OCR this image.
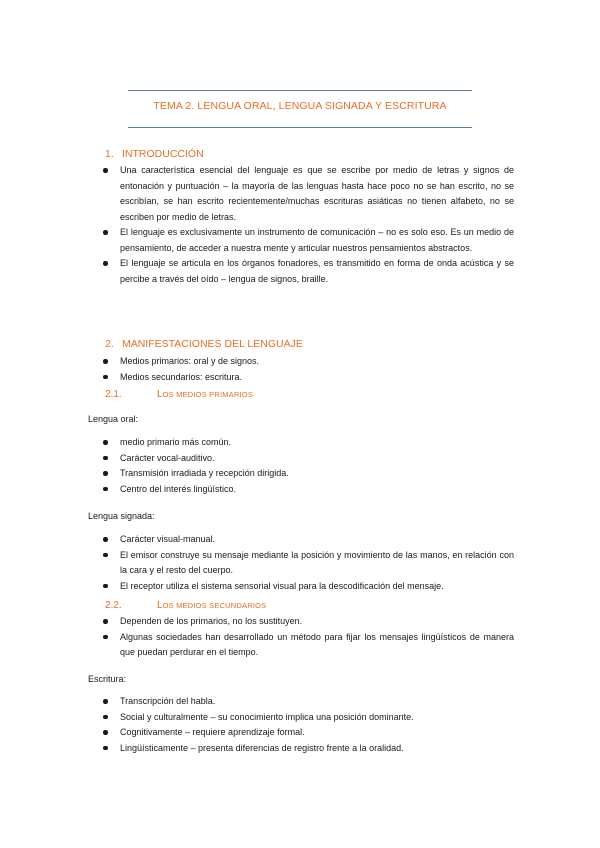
TEMA 2. LENGUA ORAL, LENGUA SIGNADA Y ESCRITURA
1. INTRODUCCIÓN
Una característica esencial del lenguaje es que se escribe por medio de letras y signos de entonación y puntuación – la mayoría de las lenguas hasta hace poco no se han escrito, no se escribían, se han escrito recientemente/muchas escrituras asiáticas no tienen alfabeto, no se escriben por medio de letras.
El lenguaje es exclusivamente un instrumento de comunicación – no es solo eso. Es un medio de pensamiento, de acceder a nuestra mente y articular nuestros pensamientos abstractos.
El lenguaje se articula en los órganos fonadores, es transmitido en forma de onda acústica y se percibe a través del oído – lengua de signos, braille.
2. MANIFESTACIONES DEL LENGUAJE
Medios primarios: oral y de signos.
Medios secundarios: escritura.
2.1.	LOS MEDIOS PRIMARIOS
Lengua oral:
medio primario más común.
Carácter vocal-auditivo.
Transmisión irradiada y recepción dirigida.
Centro del interés lingüístico.
Lengua signada:
Carácter visual-manual.
El emisor construye su mensaje mediante la posición y movimiento de las manos, en relación con la cara y el resto del cuerpo.
El receptor utiliza el sistema sensorial visual para la descodificación del mensaje.
2.2.	LOS MEDIOS SECUNDARIOS
Dependen de los primarios, no los sustituyen.
Algunas sociedades han desarrollado un método para fijar los mensajes lingüísticos de manera que puedan perdurar en el tiempo.
Escritura:
Transcripción del habla.
Social y culturalmente – su conocimiento implica una posición dominante.
Cognitivamente – requiere aprendizaje formal.
Lingüísticamente – presenta diferencias de registro frente a la oralidad.
